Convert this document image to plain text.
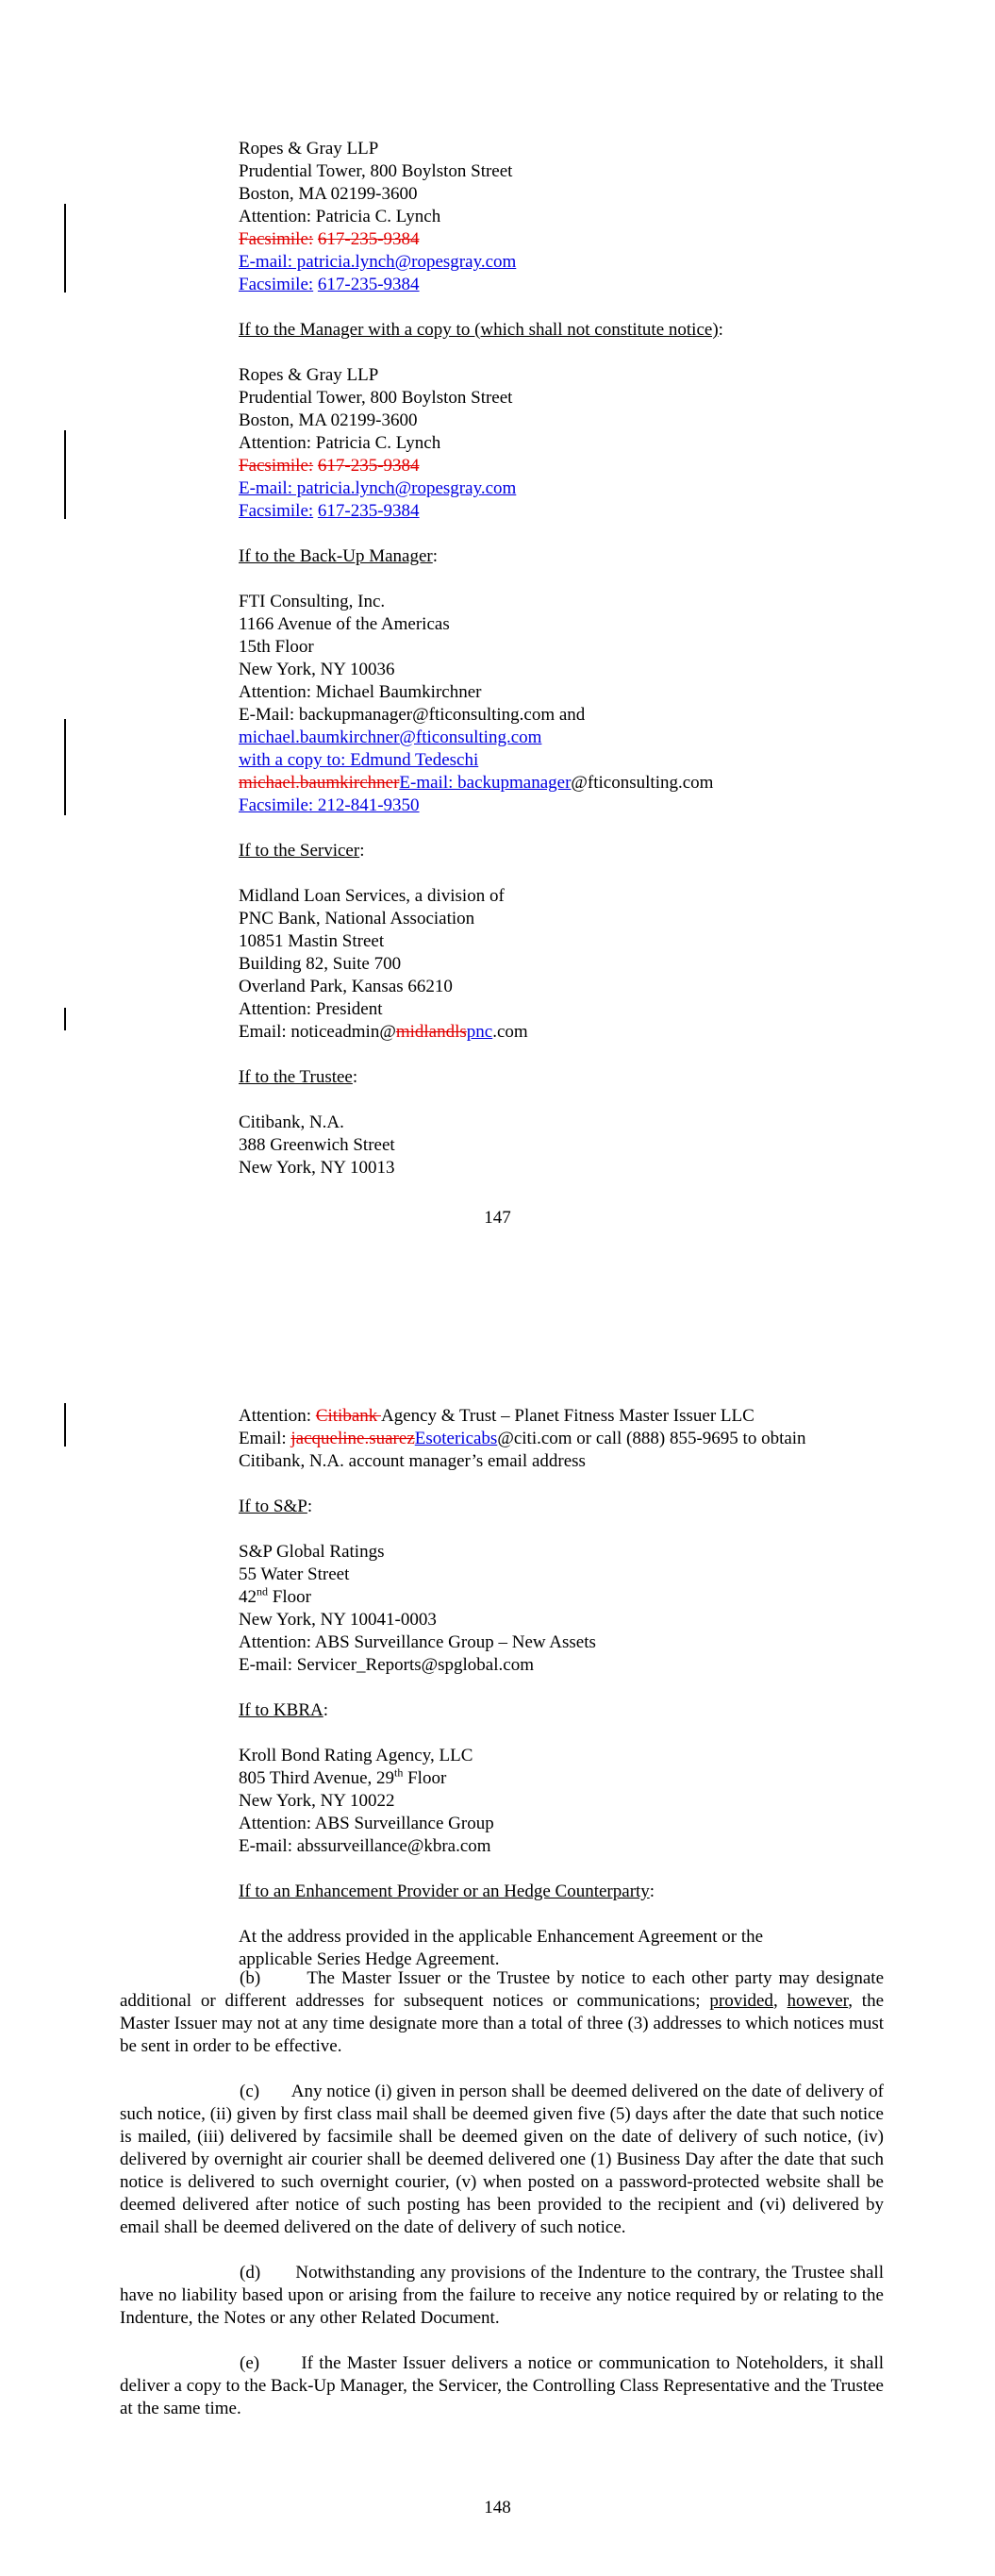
Ropes & Gray LLP
Prudential Tower, 800 Boylston Street
Boston, MA 02199-3600
Attention: Patricia C. Lynch
Facsimile: 617-235-9384
E-mail: patricia.lynch@ropesgray.com
Facsimile: 617-235-9384
If to the Manager with a copy to (which shall not constitute notice):
Ropes & Gray LLP
Prudential Tower, 800 Boylston Street
Boston, MA 02199-3600
Attention: Patricia C. Lynch
Facsimile: 617-235-9384
E-mail: patricia.lynch@ropesgray.com
Facsimile: 617-235-9384
If to the Back-Up Manager:
FTI Consulting, Inc.
1166 Avenue of the Americas
15th Floor
New York, NY 10036
Attention: Michael Baumkirchner
E-Mail: backupmanager@fticonsulting.com and
michael.baumkirchner@fticonsulting.com
with a copy to: Edmund Tedeschi
michael.baumkirchnerE-mail: backupmanager@fticonsulting.com
Facsimile: 212-841-9350
If to the Servicer:
Midland Loan Services, a division of
PNC Bank, National Association
10851 Mastin Street
Building 82, Suite 700
Overland Park, Kansas 66210
Attention: President
Email: noticeadmin@midlandlspnc.com
If to the Trustee:
Citibank, N.A.
388 Greenwich Street
New York, NY 10013
147
Attention: Citibank Agency & Trust – Planet Fitness Master Issuer LLC
Email: jacqueline.suarezEsotericabs@citi.com or call (888) 855-9695 to obtain
Citibank, N.A. account manager’s email address
If to S&P:
S&P Global Ratings
55 Water Street
42nd Floor
New York, NY 10041-0003
Attention: ABS Surveillance Group – New Assets
E-mail: Servicer_Reports@spglobal.com
If to KBRA:
Kroll Bond Rating Agency, LLC
805 Third Avenue, 29th Floor
New York, NY 10022
Attention: ABS Surveillance Group
E-mail: abssurveillance@kbra.com
If to an Enhancement Provider or an Hedge Counterparty:
At the address provided in the applicable Enhancement Agreement or the applicable Series Hedge Agreement.

(b)       The Master Issuer or the Trustee by notice to each other party may designate additional or different addresses for subsequent notices or communications; provided, however, the Master Issuer may not at any time designate more than a total of three (3) addresses to which notices must be sent in order to be effective.

(c)       Any notice (i) given in person shall be deemed delivered on the date of delivery of such notice, (ii) given by first class mail shall be deemed given five (5) days after the date that such notice is mailed, (iii) delivered by facsimile shall be deemed given on the date of delivery of such notice, (iv) delivered by overnight air courier shall be deemed delivered one (1) Business Day after the date that such notice is delivered to such overnight courier, (v) when posted on a password-protected website shall be deemed delivered after notice of such posting has been provided to the recipient and (vi) delivered by email shall be deemed delivered on the date of delivery of such notice.

(d)       Notwithstanding any provisions of the Indenture to the contrary, the Trustee shall have no liability based upon or arising from the failure to receive any notice required by or relating to the Indenture, the Notes or any other Related Document.

(e)       If the Master Issuer delivers a notice or communication to Noteholders, it shall deliver a copy to the Back-Up Manager, the Servicer, the Controlling Class Representative and the Trustee at the same time.

148
